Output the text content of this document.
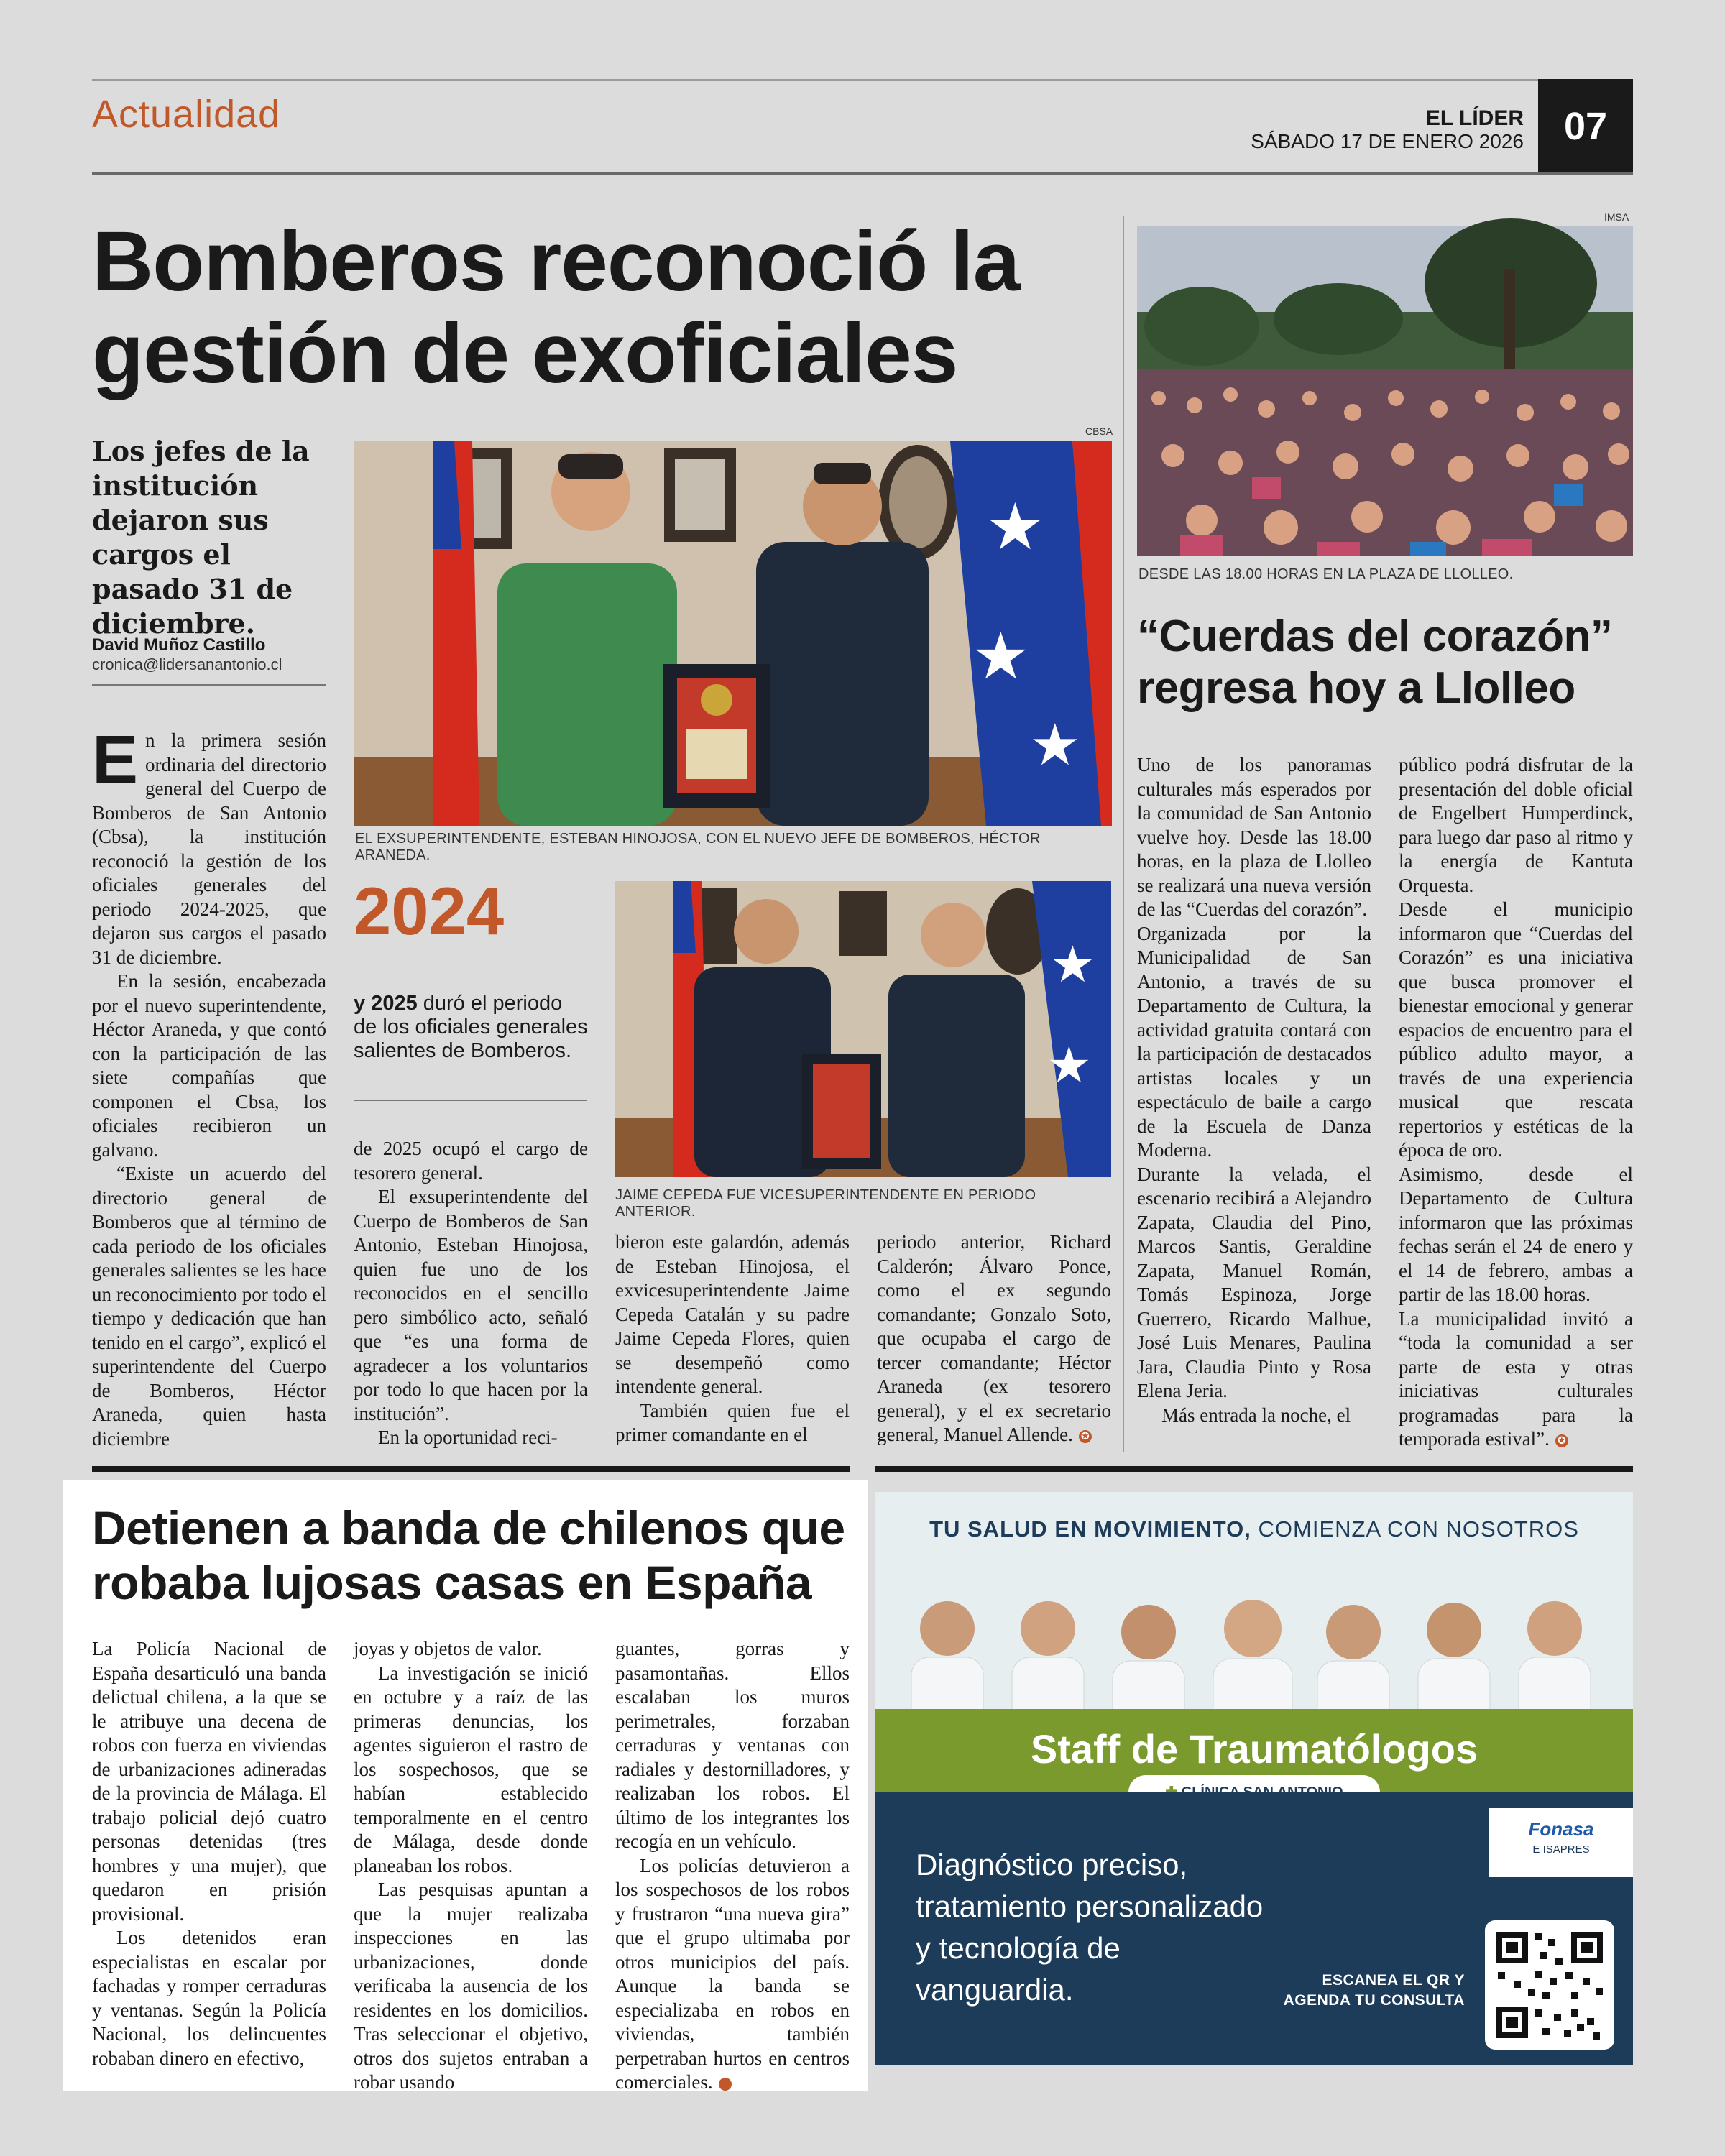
Actualidad	EL LÍDER
SÁBADO 17 DE ENERO 2026	07
Bomberos reconoció la
gestión de exoficiales
Los jefes de la institución dejaron sus cargos el pasado 31 de diciembre.
David Muñoz Castillo
cronica@lidersanantonio.cl
CBSA
★
★
★
EL EXSUPERINTENDENTE, ESTEBAN HINOJOSA, CON EL NUEVO JEFE DE BOMBEROS, HÉCTOR ARANEDA.
2024
y 2025 duró el periodo de los oficiales generales salientes de Bomberos.
★
★
JAIME CEPEDA FUE VICESUPERINTENDENTE EN PERIODO ANTERIOR.

En la primera sesión ordinaria del directorio general del Cuerpo de Bomberos de San Antonio (Cbsa), la institución reconoció la gestión de los oficiales generales del periodo 2024-2025, que dejaron sus cargos el pasado 31 de diciembre.

En la sesión, encabezada por el nuevo superintendente, Héctor Araneda, y que contó con la participación de las siete compañías que componen el Cbsa, los oficiales recibieron un galvano.

“Existe un acuerdo del directorio general de Bomberos que al término de cada periodo de los oficiales generales salientes se les hace un reconocimiento por todo el tiempo y dedicación que han tenido en el cargo”, explicó el superintendente del Cuerpo de Bomberos, Héctor Araneda, quien hasta diciembre

de 2025 ocupó el cargo de tesorero general.

El exsuperintendente del Cuerpo de Bomberos de San Antonio, Esteban Hinojosa, quien fue uno de los reconocidos en el sencillo pero simbólico acto, señaló que “es una forma de agradecer a los voluntarios por todo lo que hacen por la institución”.

En la oportunidad reci-

bieron este galardón, además de Esteban Hinojosa, el exvicesuperintendente Jaime Cepeda Catalán y su padre Jaime Cepeda Flores, quien se desempeñó como intendente general.

También quien fue el primer comandante en el

periodo anterior, Richard Calderón; Álvaro Ponce, como el ex segundo comandante; Gonzalo Soto, que ocupaba el cargo de tercer comandante; Héctor Araneda (ex tesorero general), y el ex secretario general, Manuel Allende. ✪

IMSA
DESDE LAS 18.00 HORAS EN LA PLAZA DE LLOLLEO.
“Cuerdas del corazón”
regresa hoy a Llolleo

Uno de los panoramas culturales más esperados por la comunidad de San Antonio vuelve hoy. Desde las 18.00 horas, en la plaza de Llolleo se realizará una nueva versión de las “Cuerdas del corazón”.

Organizada por la Municipalidad de San Antonio, a través de su Departamento de Cultura, la actividad gratuita contará con la participación de destacados artistas locales y un espectáculo de baile a cargo de la Escuela de Danza Moderna.

Durante la velada, el escenario recibirá a Alejandro Zapata, Claudia del Pino, Marcos Santis, Geraldine Zapata, Manuel Román, Tomás Espinoza, Jorge Guerrero, Ricardo Malhue, José Luis Menares, Paulina Jara, Claudia Pinto y Rosa Elena Jeria.

Más entrada la noche, el

público podrá disfrutar de la presentación del doble oficial de Engelbert Humperdinck, para luego dar paso al ritmo y la energía de Kantuta Orquesta.

Desde el municipio informaron que “Cuerdas del Corazón” es una iniciativa que busca promover el bienestar emocional y generar espacios de encuentro para el público adulto mayor, a través de una experiencia musical que rescata repertorios y estéticas de la época de oro.

Asimismo, desde el Departamento de Cultura informaron que las próximas fechas serán el 24 de enero y el 14 de febrero, ambas a partir de las 18.00 horas.

La municipalidad invitó a “toda la comunidad a ser parte de esta y otras iniciativas culturales programadas para la temporada estival”. ✪

Detienen a banda de chilenos que
robaba lujosas casas en España

La Policía Nacional de España desarticuló una banda delictual chilena, a la que se le atribuye una decena de robos con fuerza en viviendas de urbanizaciones adineradas de la provincia de Málaga. El trabajo policial dejó cuatro personas detenidas (tres hombres y una mujer), que quedaron en prisión provisional.

Los detenidos eran especialistas en escalar por fachadas y romper cerraduras y ventanas. Según la Policía Nacional, los delincuentes robaban dinero en efectivo,

joyas y objetos de valor.

La investigación se inició en octubre y a raíz de las primeras denuncias, los agentes siguieron el rastro de los sospechosos, que se habían establecido temporalmente en el centro de Málaga, desde donde planeaban los robos.

Las pesquisas apuntan a que la mujer realizaba inspecciones en las urbanizaciones, donde verificaba la ausencia de los residentes en los domicilios. Tras seleccionar el objetivo, otros dos sujetos entraban a robar usando

guantes, gorras y pasamontañas. Ellos escalaban los muros perimetrales, forzaban cerraduras y ventanas con radiales y destornilladores, y realizaban los robos. El último de los integrantes los recogía en un vehículo.

Los policías detuvieron a los sospechosos de los robos y frustraron “una nueva gira” que el grupo ultimaba por otros municipios del país. Aunque la banda se especializaba en robos en viviendas, también perpetraban hurtos en centros comerciales.	✪

TU SALUD EN MOVIMIENTO, COMIENZA CON NOSOTROS
Staff de Traumatólogos
Fonasa
E ISAPRES
Diagnóstico preciso,
tratamiento personalizado
y tecnología de
vanguardia.	ESCANEA EL QR Y
AGENDA TU CONSULTA
